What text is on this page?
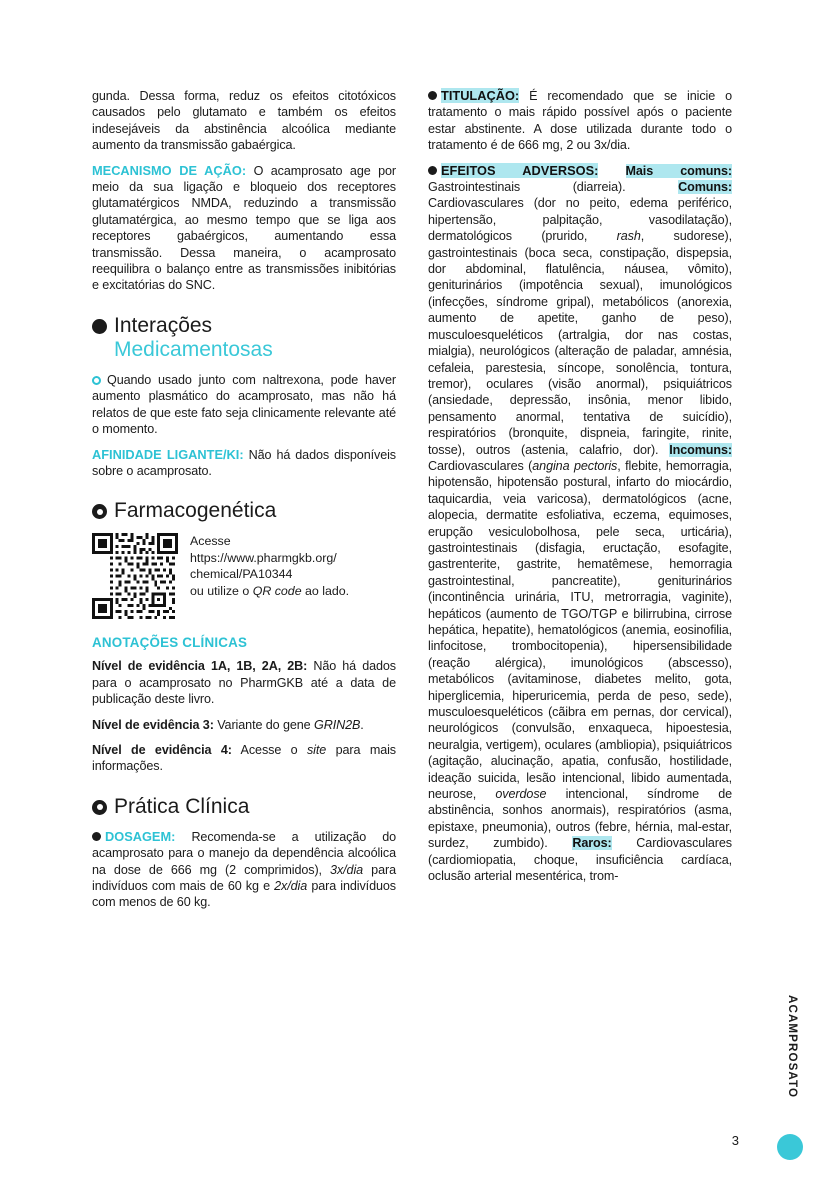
gunda. Dessa forma, reduz os efeitos citotóxicos causados pelo glutamato e também os efeitos indesejáveis da abstinência alcoólica mediante aumento da transmissão gabaérgica.

MECANISMO DE AÇÃO: O acamprosato age por meio da sua ligação e bloqueio dos receptores glutamatérgicos NMDA, reduzindo a transmissão glutamatérgica, ao mesmo tempo que se liga aos receptores gabaérgicos, aumentando essa transmissão. Dessa maneira, o acamprosato reequilibra o balanço entre as transmissões inibitórias e excitatórias do SNC.

Interações
Medicamentosas

Quando usado junto com naltrexona, pode haver aumento plasmático do acamprosato, mas não há relatos de que este fato seja clinicamente relevante até o momento.

AFINIDADE LIGANTE/KI: Não há dados disponíveis sobre o acamprosato.

Farmacogenética
Acesse
https://www.pharmgkb.org/
chemical/PA10344
ou utilize o QR code ao lado.
ANOTAÇÕES CLÍNICAS

Nível de evidência 1A, 1B, 2A, 2B: Não há dados para o acamprosato no PharmGKB até a data de publicação deste livro.

Nível de evidência 3: Variante do gene GRIN2B.

Nível de evidência 4: Acesse o site para mais informações.

Prática Clínica

DOSAGEM: Recomenda-se a utilização do acamprosato para o manejo da dependência alcoólica na dose de 666 mg (2 comprimidos), 3x/dia para indivíduos com mais de 60 kg e 2x/dia para indivíduos com menos de 60 kg.

TITULAÇÃO: É recomendado que se inicie o tratamento o mais rápido possível após o paciente estar abstinente. A dose utilizada durante todo o tratamento é de 666 mg, 2 ou 3x/dia.

EFEITOS ADVERSOS: Mais comuns: Gastrointestinais (diarreia).	Comuns: Cardiovasculares (dor no peito, edema periférico, hipertensão, palpitação, vasodilatação), dermatológicos (prurido, rash, sudorese), gastrointestinais (boca seca, constipação, dispepsia, dor abdominal, flatulência, náusea, vômito), geniturinários (impotência sexual), imunológicos (infecções, síndrome gripal), metabólicos (anorexia, aumento de apetite, ganho de peso), musculoesqueléticos (artralgia, dor nas costas, mialgia), neurológicos (alteração de paladar, amnésia, cefaleia, parestesia, síncope, sonolência, tontura, tremor), oculares (visão anormal), psiquiátricos (ansiedade, depressão, insônia, menor libido, pensamento anormal, tentativa de suicídio), respiratórios (bronquite, dispneia, faringite, rinite, tosse), outros (astenia, calafrio, dor). Incomuns: Cardiovasculares (angina pectoris, flebite, hemorragia, hipotensão, hipotensão postural, infarto do miocárdio, taquicardia, veia varicosa), dermatológicos (acne, alopecia, dermatite esfoliativa, eczema, equimoses, erupção vesiculobolhosa, pele seca, urticária), gastrointestinais (disfagia, eructação, esofagite, gastrenterite, gastrite, hematêmese, hemorragia gastrointestinal, pancreatite), geniturinários (incontinência urinária, ITU, metrorragia, vaginite), hepáticos (aumento de TGO/TGP e bilirrubina, cirrose hepática, hepatite), hematológicos (anemia, eosinofilia, linfocitose, trombocitopenia), hipersensibilidade (reação alérgica), imunológicos (abscesso), metabólicos (avitaminose, diabetes melito, gota, hiperglicemia, hiperuricemia, perda de peso, sede), musculoesqueléticos (cãibra em pernas, dor cervical), neurológicos (convulsão, enxaqueca, hipoestesia, neuralgia, vertigem), oculares (ambliopia), psiquiátricos (agitação, alucinação, apatia, confusão, hostilidade, ideação suicida, lesão intencional, libido aumentada, neurose, overdose intencional, síndrome de abstinência, sonhos anormais), respiratórios (asma, epistaxe, pneumonia), outros (febre, hérnia, mal-estar, surdez, zumbido). Raros: Cardiovasculares (cardiomiopatia, choque, insuficiência cardíaca, oclusão arterial mesentérica, trom-

ACAMPROSATO
3
